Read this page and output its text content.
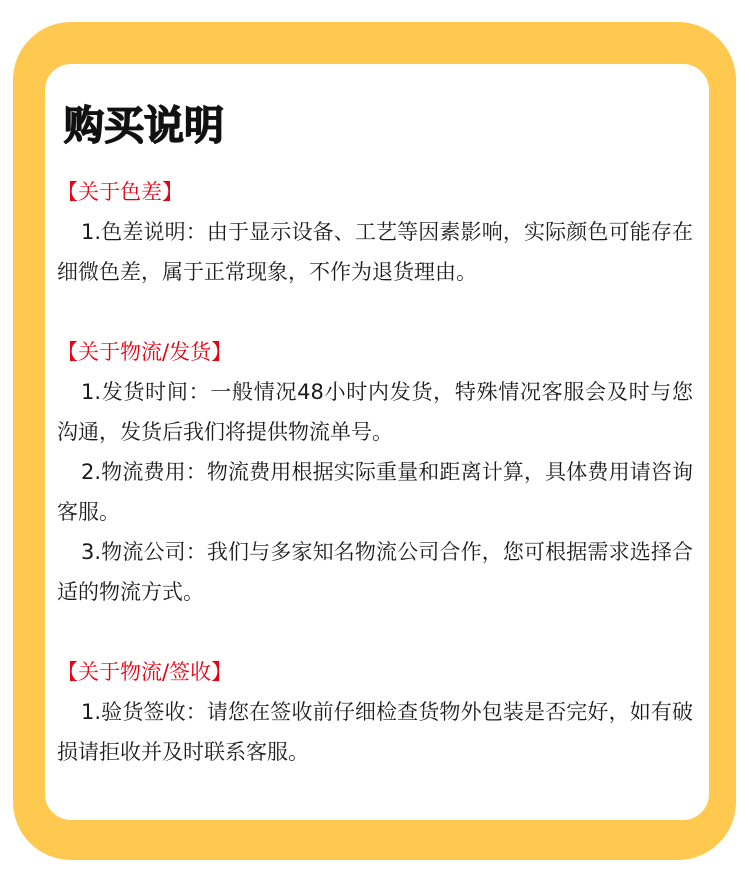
购买说明

【关于色差】

1.色差说明：由于显示设备、工艺等因素影响，实际颜色可能存在细微色差，属于正常现象，不作为退货理由。

【关于物流/发货】

1.发货时间：一般情况48小时内发货，特殊情况客服会及时与您沟通，发货后我们将提供物流单号。

2.物流费用：物流费用根据实际重量和距离计算，具体费用请咨询客服。

3.物流公司：我们与多家知名物流公司合作，您可根据需求选择合适的物流方式。

【关于物流/签收】

1.验货签收：请您在签收前仔细检查货物外包装是否完好，如有破损请拒收并及时联系客服。
